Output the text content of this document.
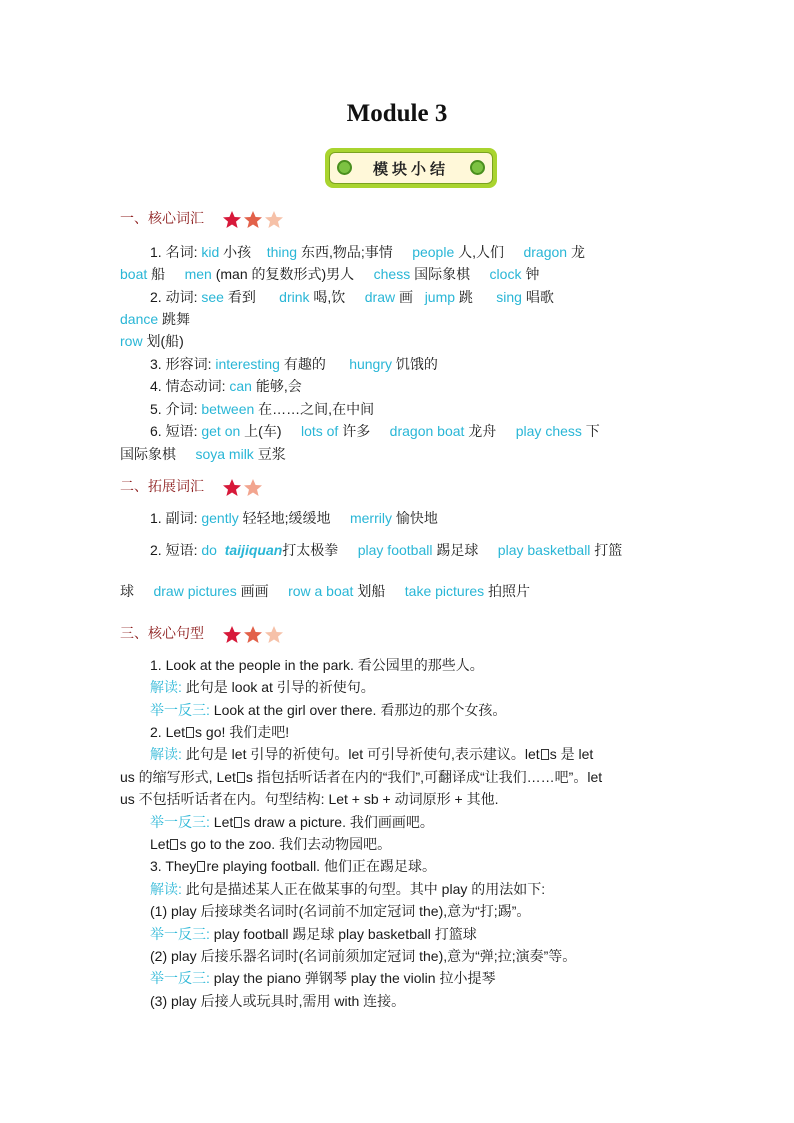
Module 3
模块小结
一、核心词汇
1. 名词: kid 小孩 thing 东西,物品;事情 people 人,人们 dragon 龙
boat 船 men (man 的复数形式)男人 chess 国际象棋 clock 钟
2. 动词: see 看到 drink 喝,饮 draw 画 jump 跳 sing 唱歌
dance 跳舞
row 划(船)
3. 形容词: interesting 有趣的 hungry 饥饿的
4. 情态动词: can 能够,会
5. 介词: between 在……之间,在中间
6. 短语: get on 上(车) lots of 许多 dragon boat 龙舟 play chess 下
国际象棋 soya milk 豆浆
二、拓展词汇
1. 副词: gently 轻轻地;缓缓地 merrily 愉快地
2. 短语: do taijiquan打太极拳 play football 踢足球 play basketball 打篮
球 draw pictures 画画 row a boat 划船 take pictures 拍照片
三、核心句型
1. Look at the people in the park. 看公园里的那些人。
解读: 此句是 look at 引导的祈使句。
举一反三: Look at the girl over there. 看那边的那个女孩。
2. Let s go! 我们走吧!
解读: 此句是 let 引导的祈使句。let 可引导祈使句,表示建议。let s 是 let
us 的缩写形式, Let s 指包括听话者在内的“我们”,可翻译成“让我们……吧”。let
us 不包括听话者在内。句型结构: Let + sb + 动词原形 + 其他.
举一反三: Let s draw a picture. 我们画画吧。
Let s go to the zoo. 我们去动物园吧。
3. They re playing football. 他们正在踢足球。
解读: 此句是描述某人正在做某事的句型。其中 play 的用法如下:
(1) play 后接球类名词时(名词前不加定冠词 the),意为“打;踢”。
举一反三: play football 踢足球 play basketball 打篮球
(2) play 后接乐器名词时(名词前须加定冠词 the),意为“弹;拉;演奏”等。
举一反三: play the piano 弹钢琴 play the violin 拉小提琴
(3) play 后接人或玩具时,需用 with 连接。
